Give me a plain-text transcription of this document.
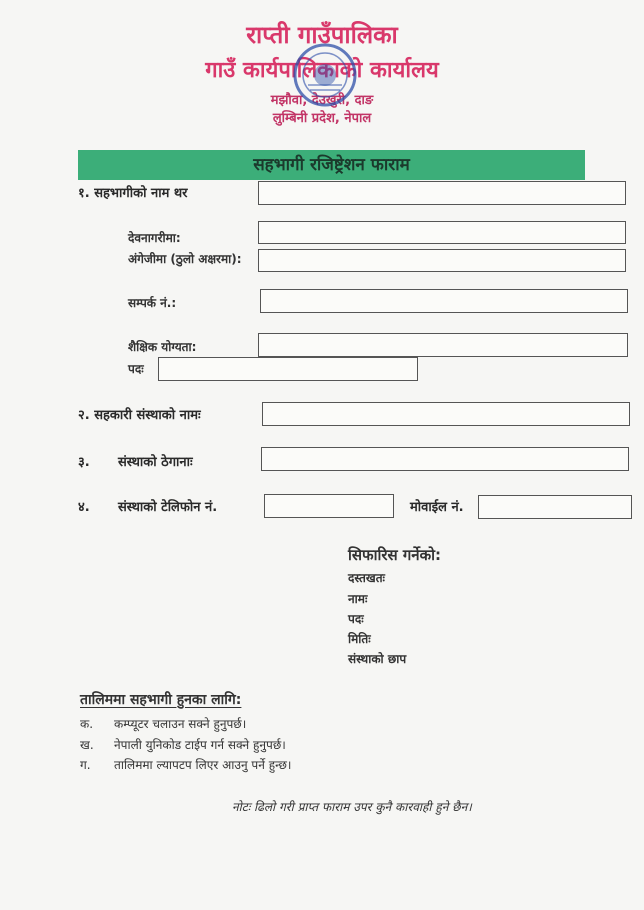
राप्ती गाउँपालिका
गाउँ कार्यपालिकाको कार्यालय
मझौवा, देउखुरी, दाङ
लुम्बिनी प्रदेश, नेपाल
सहभागी रजिष्ट्रेशन फाराम
१. सहभागीको नाम थर
देवनागरीमा:
अंगेजीमा (ठुलो अक्षरमा):
सम्पर्क नं.:
शैक्षिक योग्यता:
पदः
२. सहकारी संस्थाको नामः
३. संस्थाको ठेगानाः
४. संस्थाको टेलिफोन नं.	मोवाईल नं.
सिफारिस गर्नेको:
दस्तखतः
नामः
पदः
मितिः
संस्थाको छाप
तालिममा सहभागी हुनका लागि:
क. कम्प्यूटर चलाउन सक्ने हुनुपर्छ।
ख. नेपाली युनिकोड टाईप गर्न सक्ने हुनुपर्छ।
ग. तालिममा ल्यापटप लिएर आउनु पर्ने हुन्छ।
नोटः ढिलो गरी प्राप्त फाराम उपर कुनै कारवाही हुने छैन।
